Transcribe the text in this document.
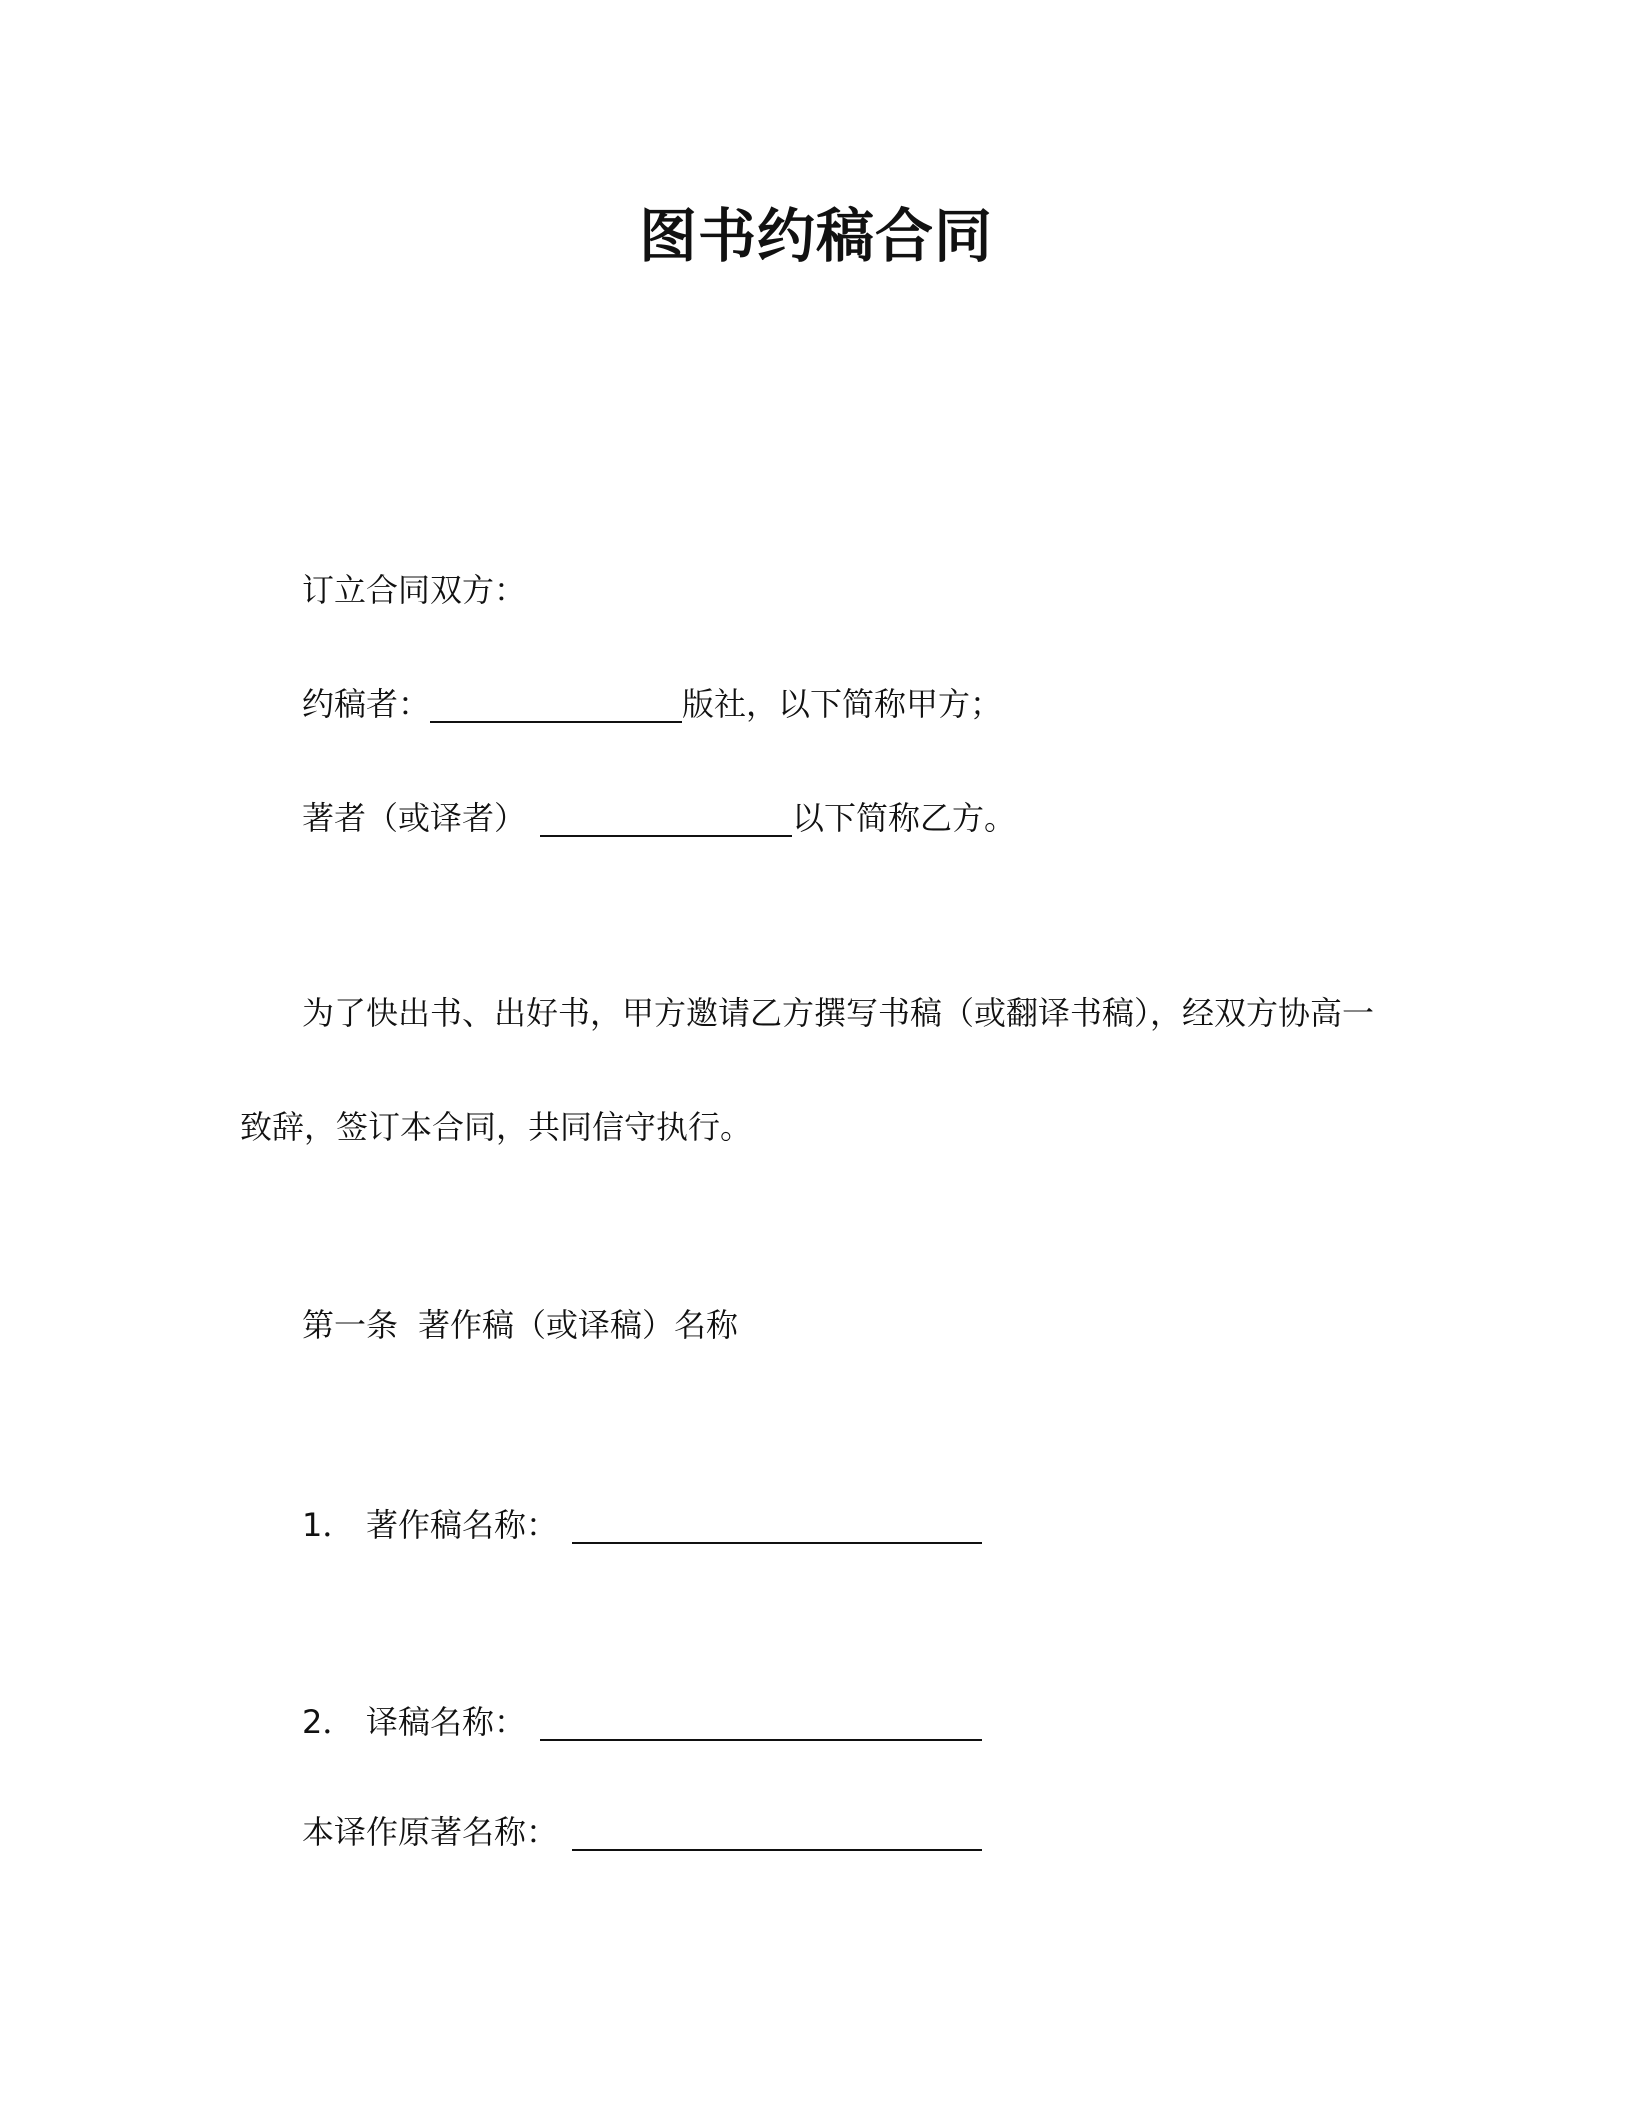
图书约稿合同
订立合同双方：
约稿者：	版社，以下简称甲方；
著者（或译者）	以下简称乙方。
为了快出书、出好书，甲方邀请乙方撰写书稿（或翻译书稿），经双方协高一
致辞，签订本合同，共同信守执行。
第一条 著作稿（或译稿）名称
1． 著作稿名称：
2． 译稿名称：
本译作原著名称：
